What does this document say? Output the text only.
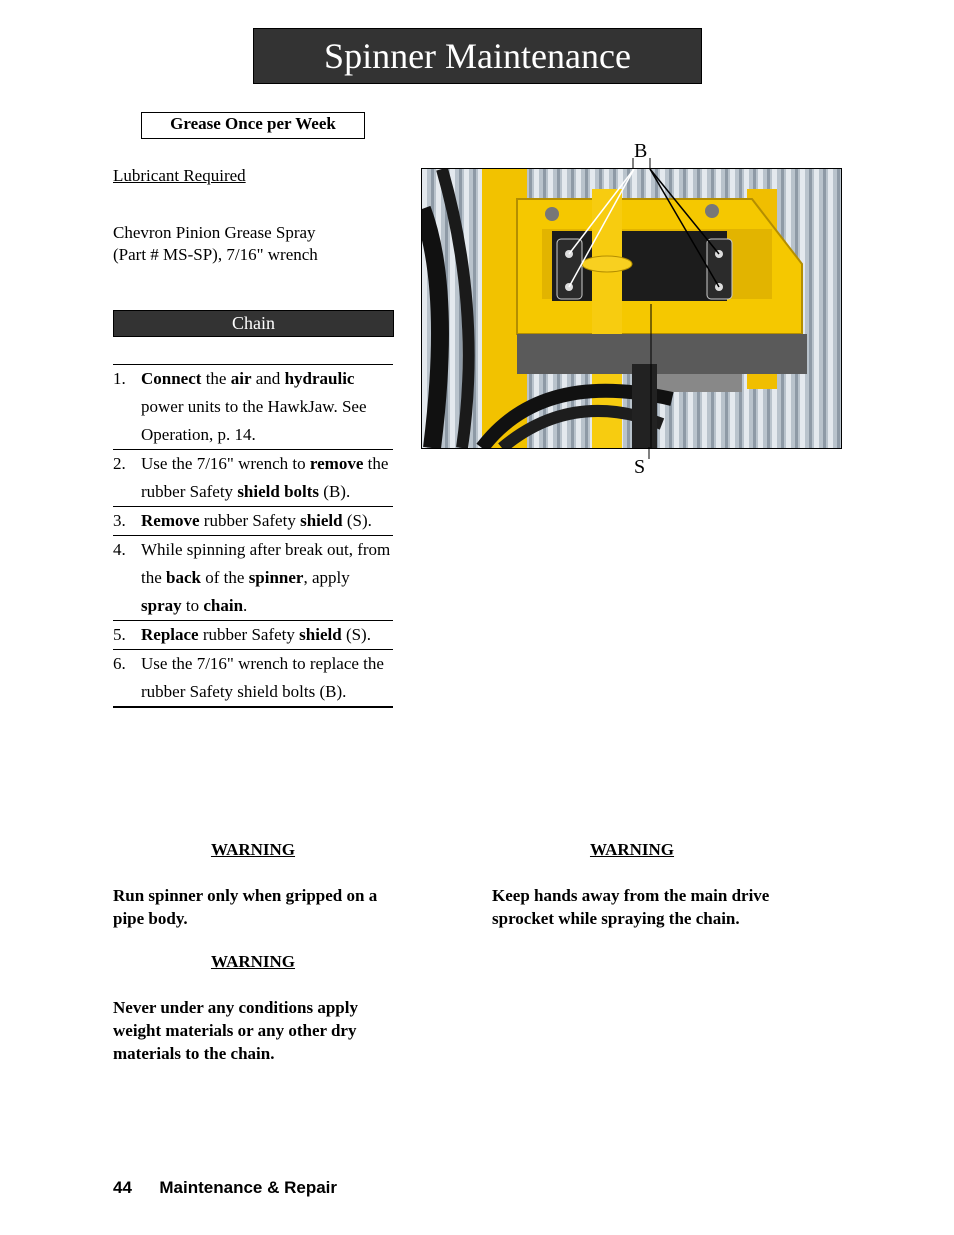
Spinner Maintenance
Grease Once per Week
Lubricant Required
Chevron Pinion Grease Spray
(Part # MS-SP), 7/16" wrench
Chain
1. Connect the air and hydraulic power units to the HawkJaw. See Operation, p. 14.
2. Use the 7/16" wrench to remove the rubber Safety shield bolts (B).
3. Remove rubber Safety shield (S).
4. While spinning after break out, from the back of the spinner, apply spray to chain.
5. Replace rubber Safety shield (S).
6. Use the 7/16" wrench to replace the rubber Safety shield bolts (B).
WARNING
Run spinner only when gripped on a pipe body.
WARNING
Never under any conditions apply weight materials or any other dry materials to the chain.
WARNING
Keep hands away from the main drive sprocket while spraying the chain.
B
S
44 Maintenance & Repair
